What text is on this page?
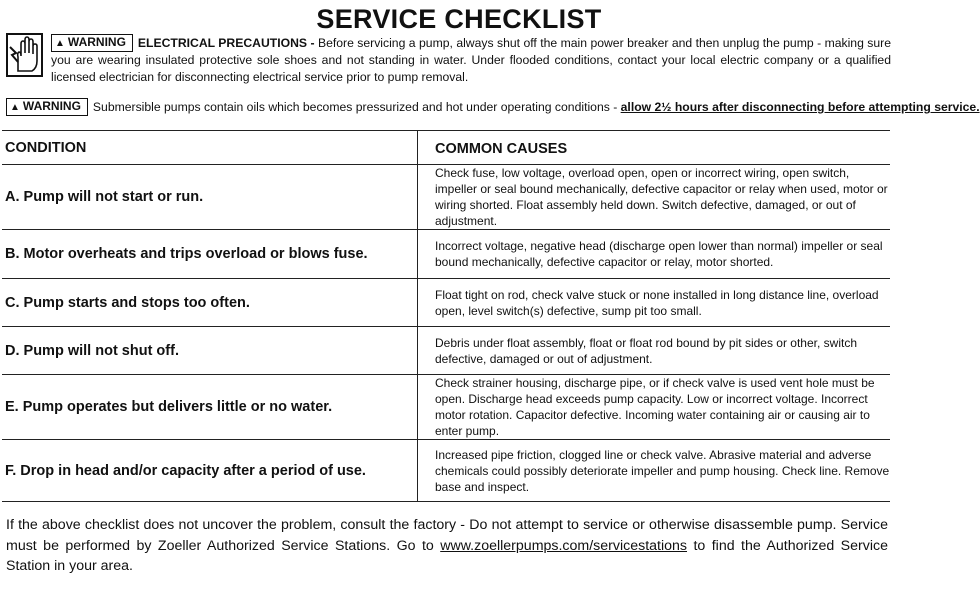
SERVICE CHECKLIST
▲ WARNING ELECTRICAL PRECAUTIONS - Before servicing a pump, always shut off the main power breaker and then unplug the pump - making sure you are wearing insulated protective sole shoes and not standing in water. Under flooded conditions, contact your local electric company or a qualified licensed electrician for disconnecting electrical service prior to pump removal.
▲ WARNING Submersible pumps contain oils which becomes pressurized and hot under operating conditions - allow 2½ hours after disconnecting before attempting service.
CONDITION	COMMON CAUSES
A. Pump will not start or run.	Check fuse, low voltage, overload open, open or incorrect wiring, open switch, impeller or seal bound mechanically, defective capacitor or relay when used, motor or wiring shorted. Float assembly held down. Switch defective, damaged, or out of adjustment.
B. Motor overheats and trips overload or blows fuse.	Incorrect voltage, negative head (discharge open lower than normal) impeller or seal bound mechanically, defective capacitor or relay, motor shorted.
C. Pump starts and stops too often.	Float tight on rod, check valve stuck or none installed in long distance line, overload open, level switch(s) defective, sump pit too small.
D. Pump will not shut off.	Debris under float assembly, float or float rod bound by pit sides or other, switch defective, damaged or out of adjustment.
E. Pump operates but delivers little or no water.	Check strainer housing, discharge pipe, or if check valve is used vent hole must be open. Discharge head exceeds pump capacity. Low or incorrect voltage. Incorrect motor rotation. Capacitor defective. Incoming water containing air or causing air to enter pump.
F. Drop in head and/or capacity after a period of use.	Increased pipe friction, clogged line or check valve. Abrasive material and adverse chemicals could possibly deteriorate impeller and pump housing. Check line. Remove base and inspect.
If the above checklist does not uncover the problem, consult the factory - Do not attempt to service or otherwise disassemble pump. Service must be performed by Zoeller Authorized Service Stations. Go to www.zoellerpumps.com/servicestations to find the Authorized Service Station in your area.
